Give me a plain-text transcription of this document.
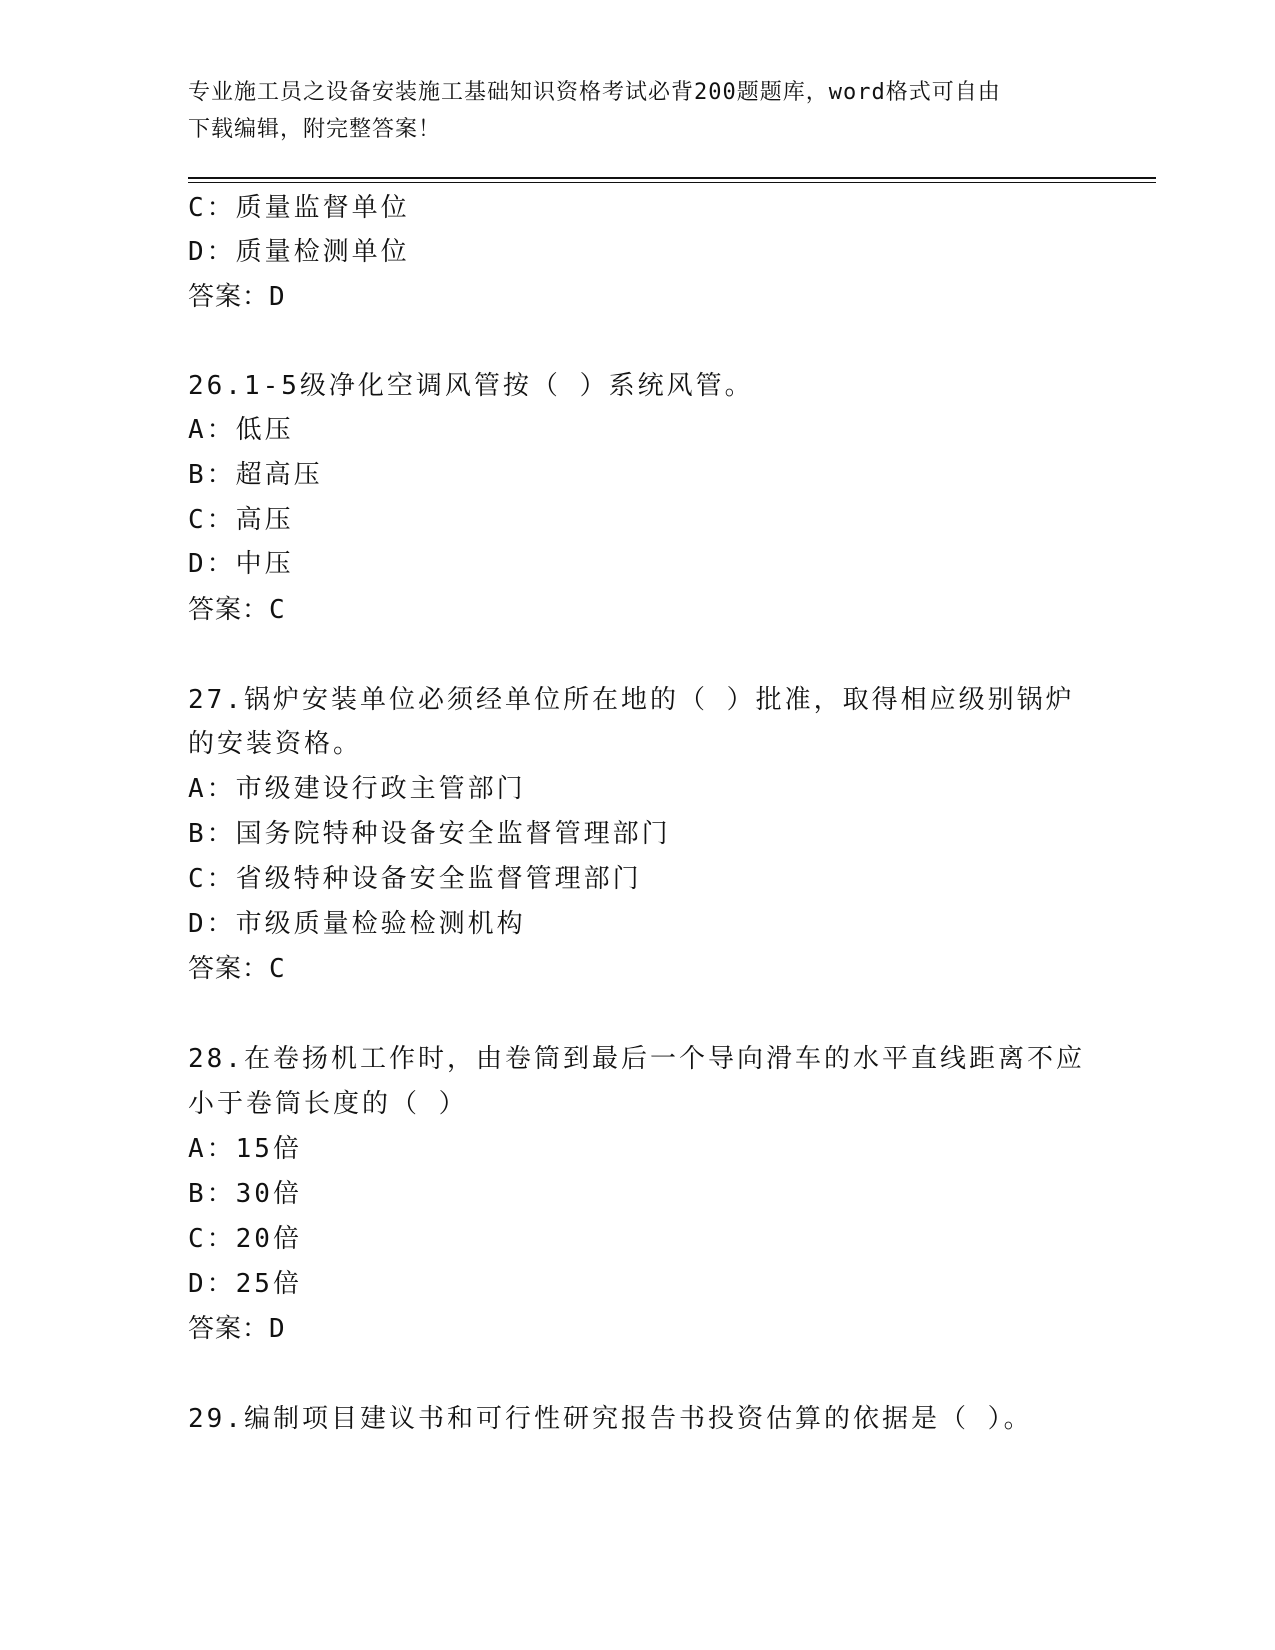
专业施工员之设备安装施工基础知识资格考试必背200题题库，word格式可自由
下载编辑，附完整答案！
C：质量监督单位
D：质量检测单位
答案：D
26.1-5级净化空调风管按（ ）系统风管。
A：低压
B：超高压
C：高压
D：中压
答案：C
27.锅炉安装单位必须经单位所在地的（ ）批准，取得相应级别锅炉
的安装资格。
A：市级建设行政主管部门
B：国务院特种设备安全监督管理部门
C：省级特种设备安全监督管理部门
D：市级质量检验检测机构
答案：C
28.在卷扬机工作时，由卷筒到最后一个导向滑车的水平直线距离不应
小于卷筒长度的（ ）
A：15倍
B：30倍
C：20倍
D：25倍
答案：D
29.编制项目建议书和可行性研究报告书投资估算的依据是（ ）。
